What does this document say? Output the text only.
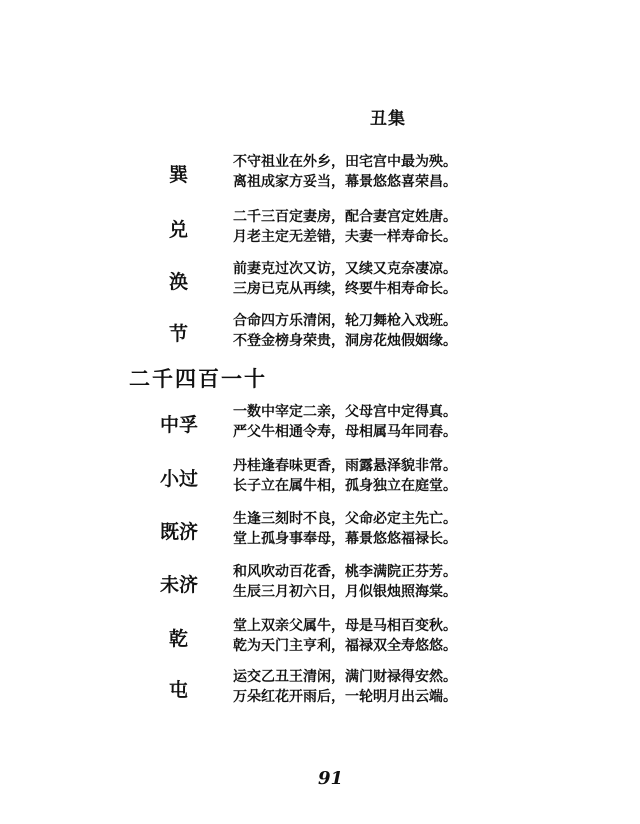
丑集
巽
不守祖业在外乡，田宅宫中最为殃。
离祖成家方妥当，幕景悠悠喜荣昌。
兑
二千三百定妻房，配合妻宫定姓唐。
月老主定无差错，夫妻一样寿命长。
涣
前妻克过次又访，又续又克奈凄凉。
三房已克从再续，终要牛相寿命长。
节
合命四方乐清闲，轮刀舞枪入戏班。
不登金榜身荣贵，洞房花烛假姻缘。
二千四百一十
中孚
一数中宰定二亲，父母宫中定得真。
严父牛相通令寿，母相属马年同春。
小过
丹桂逢春味更香，雨露悬泽貌非常。
长子立在属牛相，孤身独立在庭堂。
既济
生逢三刻时不良，父命必定主先亡。
堂上孤身事奉母，幕景悠悠福禄长。
未济
和风吹动百花香，桃李满院正芬芳。
生辰三月初六日，月似银烛照海棠。
乾
堂上双亲父属牛，母是马相百变秋。
乾为天门主亨利，福禄双全寿悠悠。
屯
运交乙丑王清闲，满门财禄得安然。
万朵红花开雨后，一轮明月出云端。
91
